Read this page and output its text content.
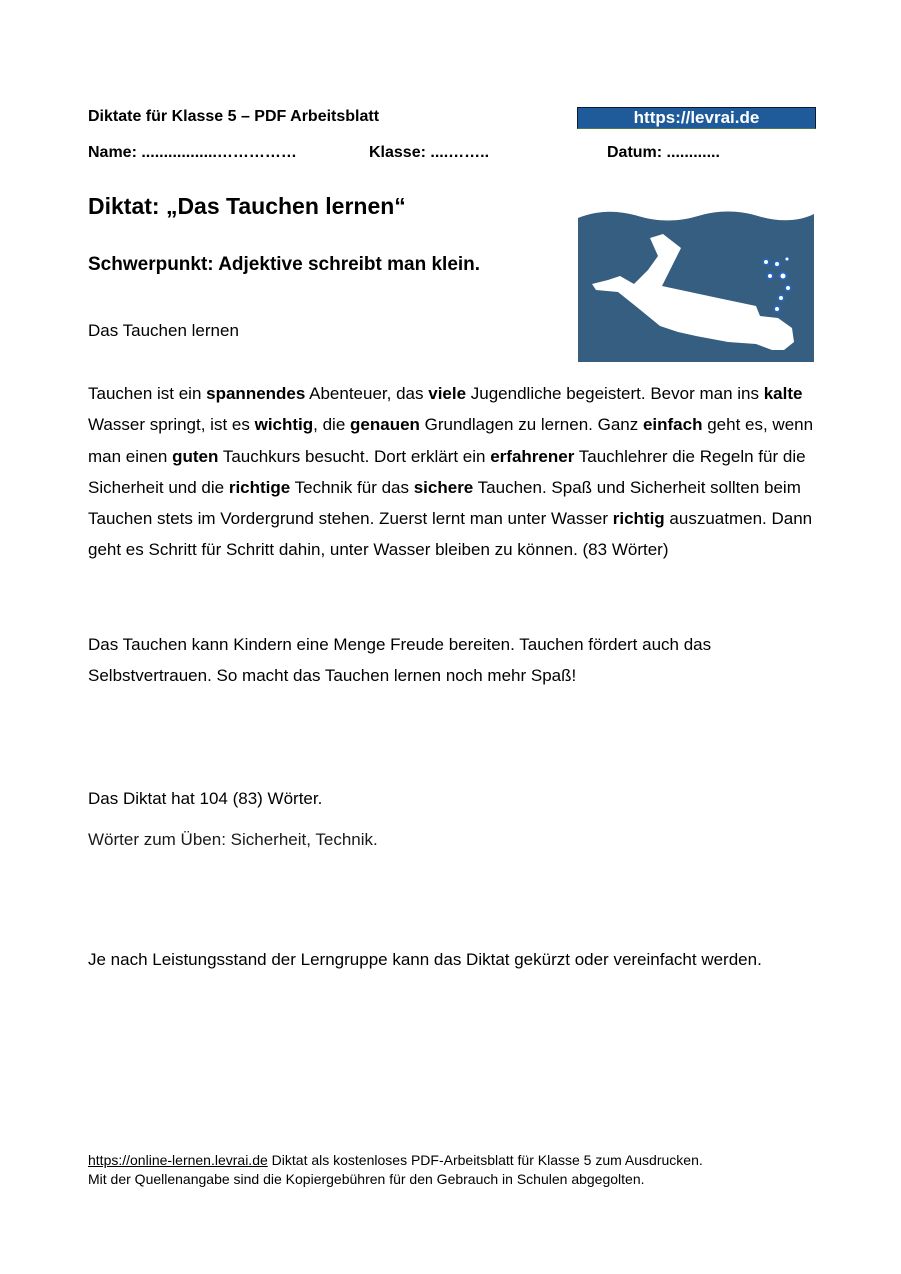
Diktate für Klasse 5 – PDF Arbeitsblatt	https://levrai.de
Name: .................……………	Klasse: ....……..	Datum: ............
Diktat: „Das Tauchen lernen“
Schwerpunkt: Adjektive schreibt man klein.
Das Tauchen lernen
Tauchen ist ein spannendes Abenteuer, das viele Jugendliche begeistert. Bevor man ins kalte Wasser springt, ist es wichtig, die genauen Grundlagen zu lernen. Ganz einfach geht es, wenn man einen guten Tauchkurs besucht. Dort erklärt ein erfahrener Tauchlehrer die Regeln für die Sicherheit und die richtige Technik für das sichere Tauchen. Spaß und Sicherheit sollten beim Tauchen stets im Vordergrund stehen. Zuerst lernt man unter Wasser richtig auszuatmen. Dann geht es Schritt für Schritt dahin, unter Wasser bleiben zu können. (83 Wörter)
Das Tauchen kann Kindern eine Menge Freude bereiten. Tauchen fördert auch das Selbstvertrauen. So macht das Tauchen lernen noch mehr Spaß!
Das Diktat hat 104 (83) Wörter.
Wörter zum Üben: Sicherheit, Technik.
Je nach Leistungsstand der Lerngruppe kann das Diktat gekürzt oder vereinfacht werden.
https://online-lernen.levrai.de Diktat als kostenloses PDF-Arbeitsblatt für Klasse 5 zum Ausdrucken.
Mit der Quellenangabe sind die Kopiergebühren für den Gebrauch in Schulen abgegolten.
